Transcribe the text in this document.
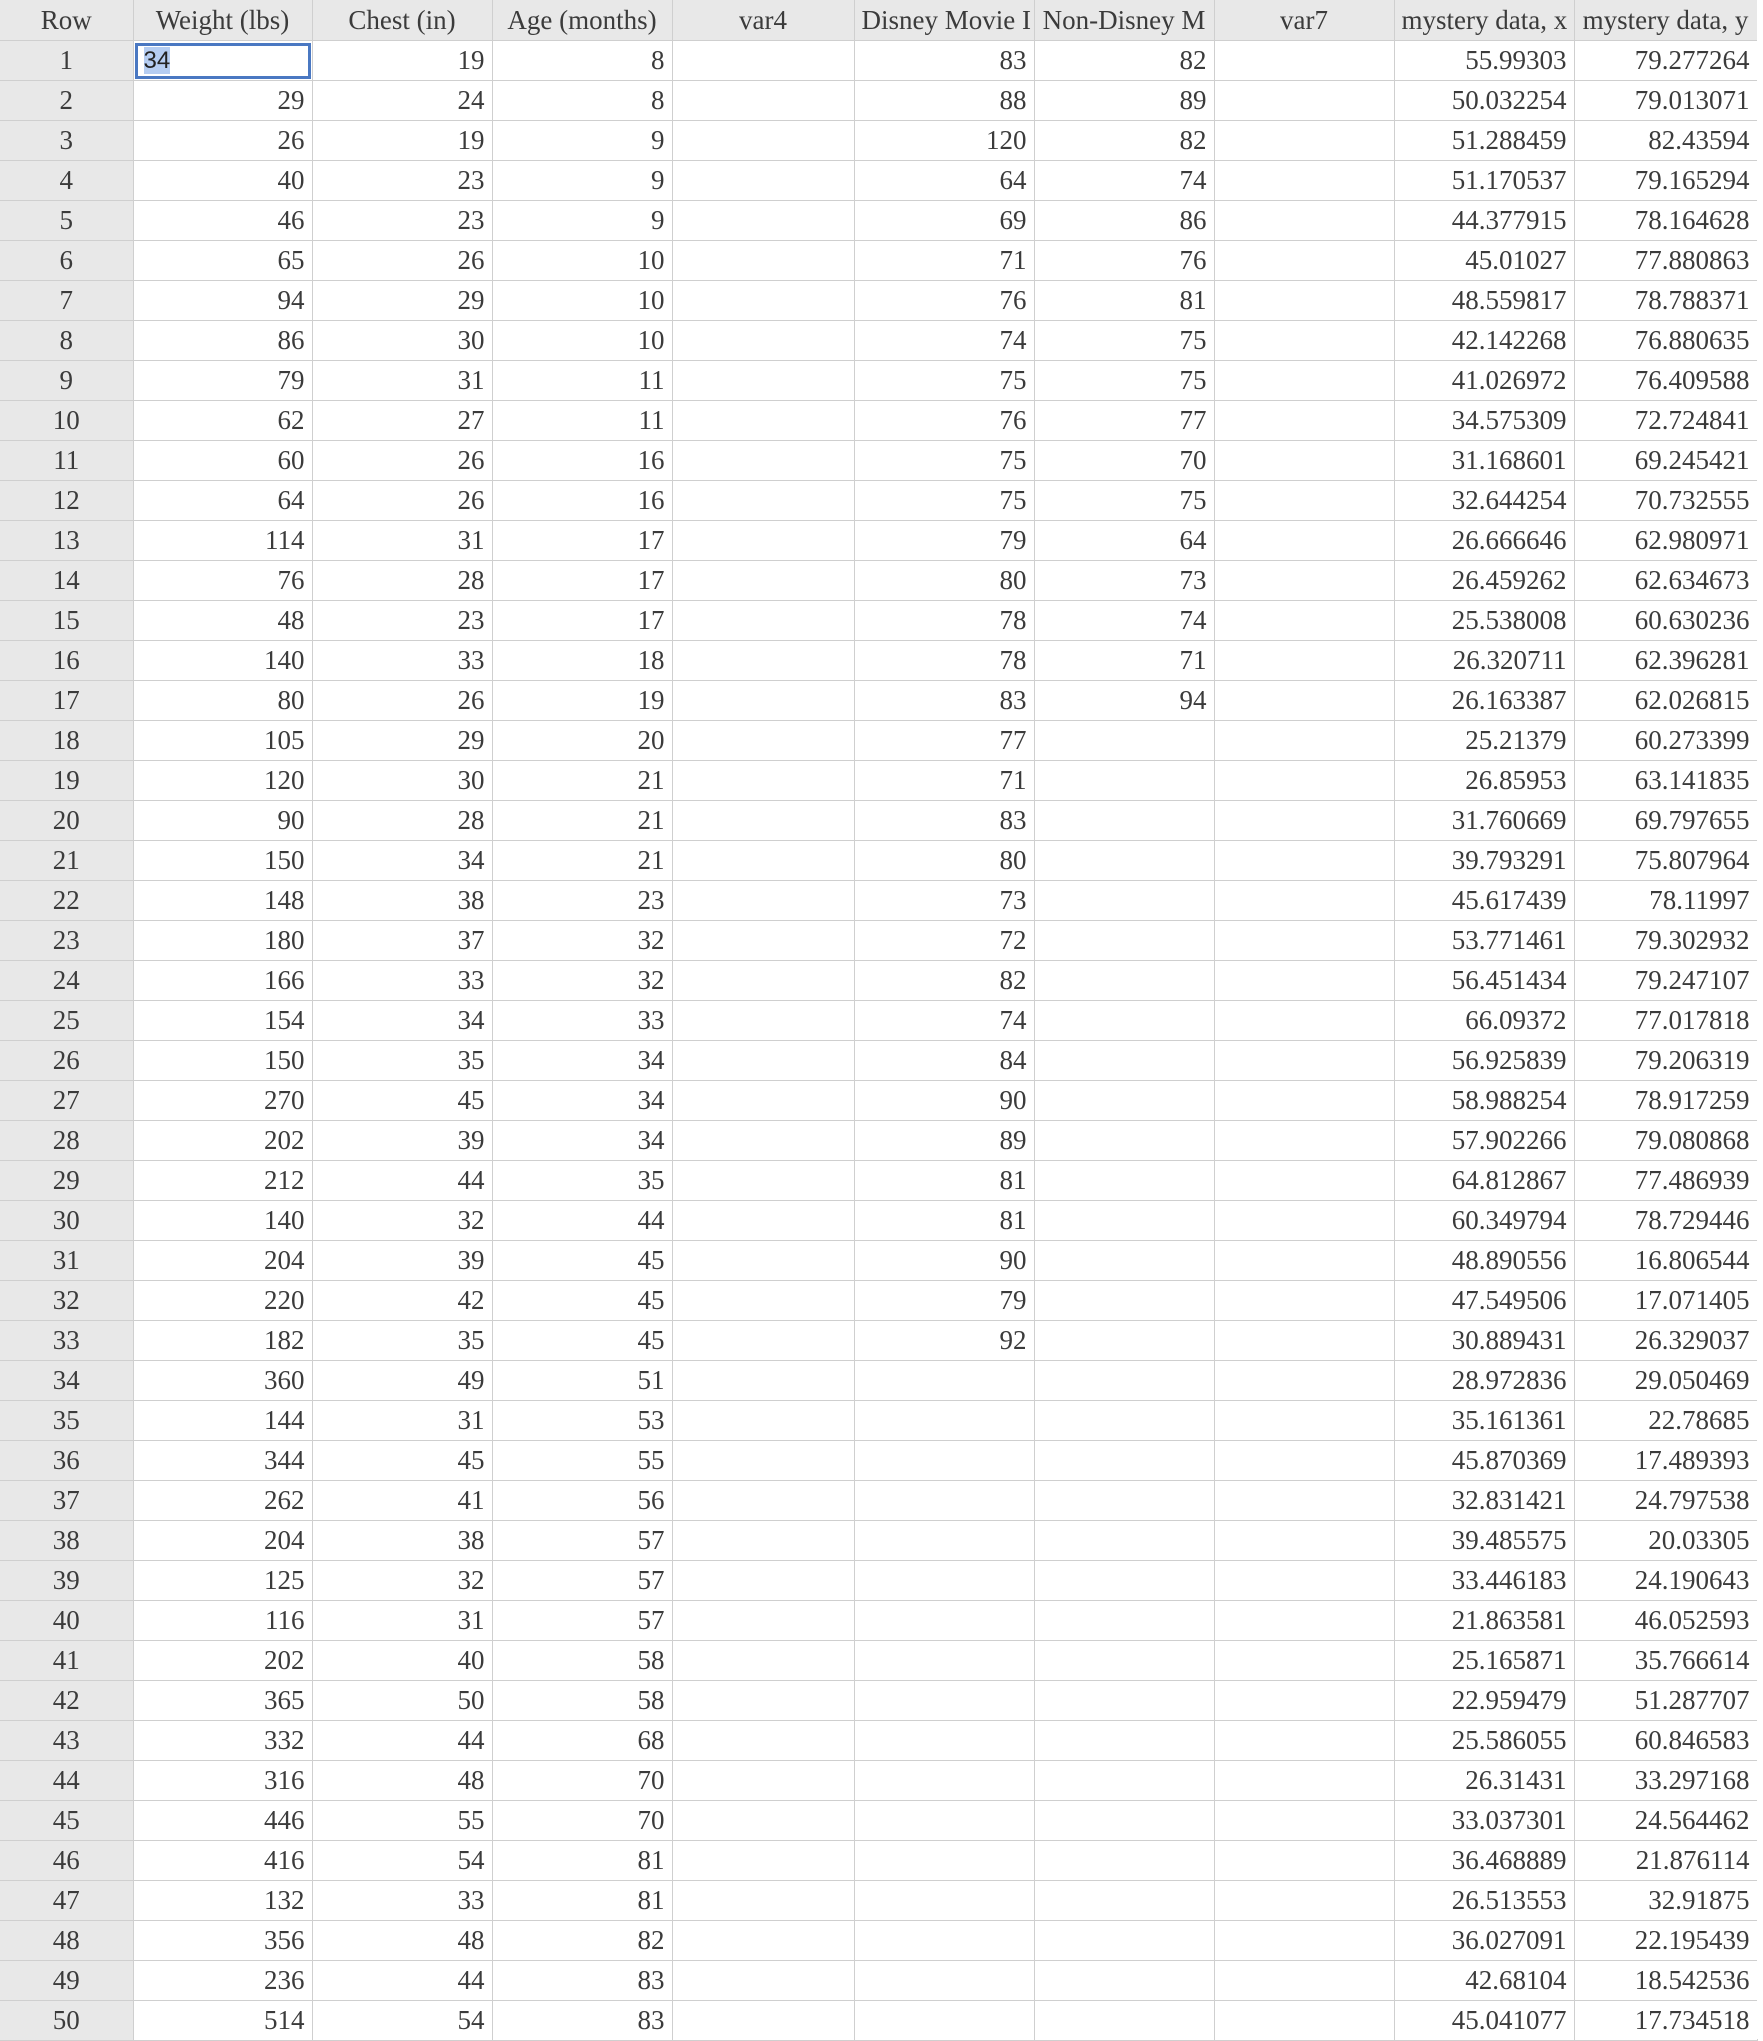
Row	Weight (lbs)	Chest (in)	Age (months)	var4	Disney Movie I	Non-Disney M	var7	mystery data, x	mystery data, y
1	34	19	8		83	82		55.99303	79.277264
2	29	24	8		88	89		50.032254	79.013071
3	26	19	9		120	82		51.288459	82.43594
4	40	23	9		64	74		51.170537	79.165294
5	46	23	9		69	86		44.377915	78.164628
6	65	26	10		71	76		45.01027	77.880863
7	94	29	10		76	81		48.559817	78.788371
8	86	30	10		74	75		42.142268	76.880635
9	79	31	11		75	75		41.026972	76.409588
10	62	27	11		76	77		34.575309	72.724841
11	60	26	16		75	70		31.168601	69.245421
12	64	26	16		75	75		32.644254	70.732555
13	114	31	17		79	64		26.666646	62.980971
14	76	28	17		80	73		26.459262	62.634673
15	48	23	17		78	74		25.538008	60.630236
16	140	33	18		78	71		26.320711	62.396281
17	80	26	19		83	94		26.163387	62.026815
18	105	29	20		77			25.21379	60.273399
19	120	30	21		71			26.85953	63.141835
20	90	28	21		83			31.760669	69.797655
21	150	34	21		80			39.793291	75.807964
22	148	38	23		73			45.617439	78.11997
23	180	37	32		72			53.771461	79.302932
24	166	33	32		82			56.451434	79.247107
25	154	34	33		74			66.09372	77.017818
26	150	35	34		84			56.925839	79.206319
27	270	45	34		90			58.988254	78.917259
28	202	39	34		89			57.902266	79.080868
29	212	44	35		81			64.812867	77.486939
30	140	32	44		81			60.349794	78.729446
31	204	39	45		90			48.890556	16.806544
32	220	42	45		79			47.549506	17.071405
33	182	35	45		92			30.889431	26.329037
34	360	49	51					28.972836	29.050469
35	144	31	53					35.161361	22.78685
36	344	45	55					45.870369	17.489393
37	262	41	56					32.831421	24.797538
38	204	38	57					39.485575	20.03305
39	125	32	57					33.446183	24.190643
40	116	31	57					21.863581	46.052593
41	202	40	58					25.165871	35.766614
42	365	50	58					22.959479	51.287707
43	332	44	68					25.586055	60.846583
44	316	48	70					26.31431	33.297168
45	446	55	70					33.037301	24.564462
46	416	54	81					36.468889	21.876114
47	132	33	81					26.513553	32.91875
48	356	48	82					36.027091	22.195439
49	236	44	83					42.68104	18.542536
50	514	54	83					45.041077	17.734518
